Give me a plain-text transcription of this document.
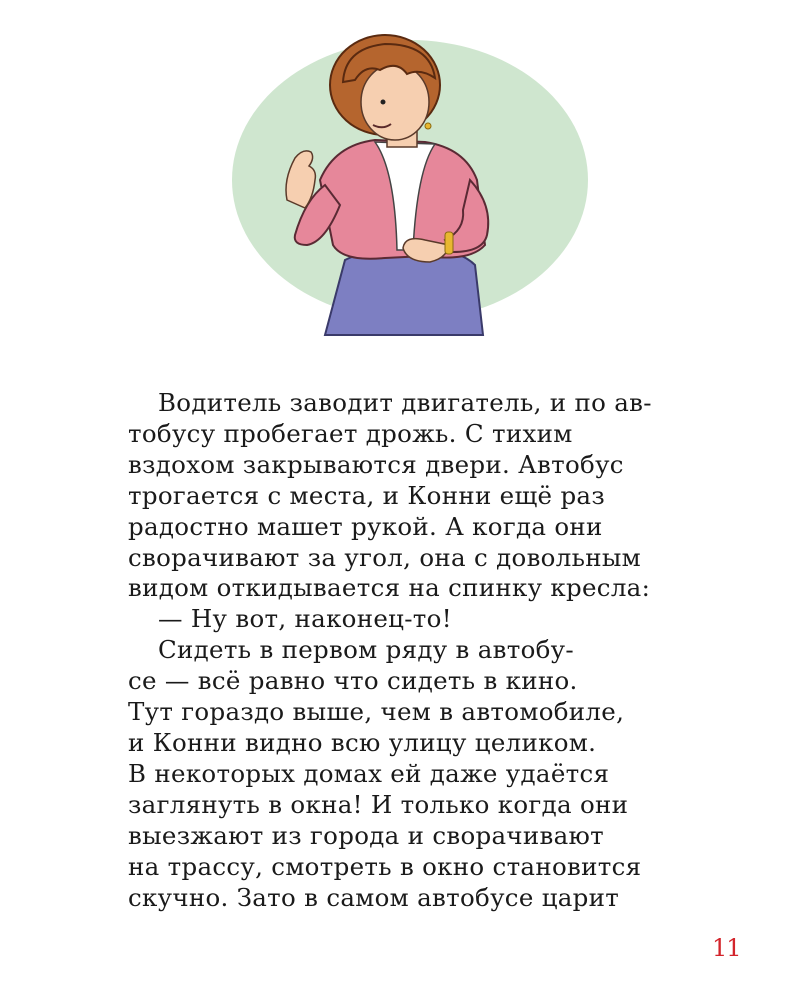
Водитель заводит двигатель, и по ав-
тобусу пробегает дрожь. С тихим
вздохом закрываются двери. Автобус
трогается с места, и Конни ещё раз
радостно машет рукой. А когда они
сворачивают за угол, она с довольным
видом откидывается на спинку кресла:
— Ну вот, наконец-то!
Сидеть в первом ряду в автобу-
се — всё равно что сидеть в кино.
Тут гораздо выше, чем в автомобиле,
и Конни видно всю улицу целиком.
В некоторых домах ей даже удаётся
заглянуть в окна! И только когда они
выезжают из города и сворачивают
на трассу, смотреть в окно становится
скучно. Зато в самом автобусе царит
11
